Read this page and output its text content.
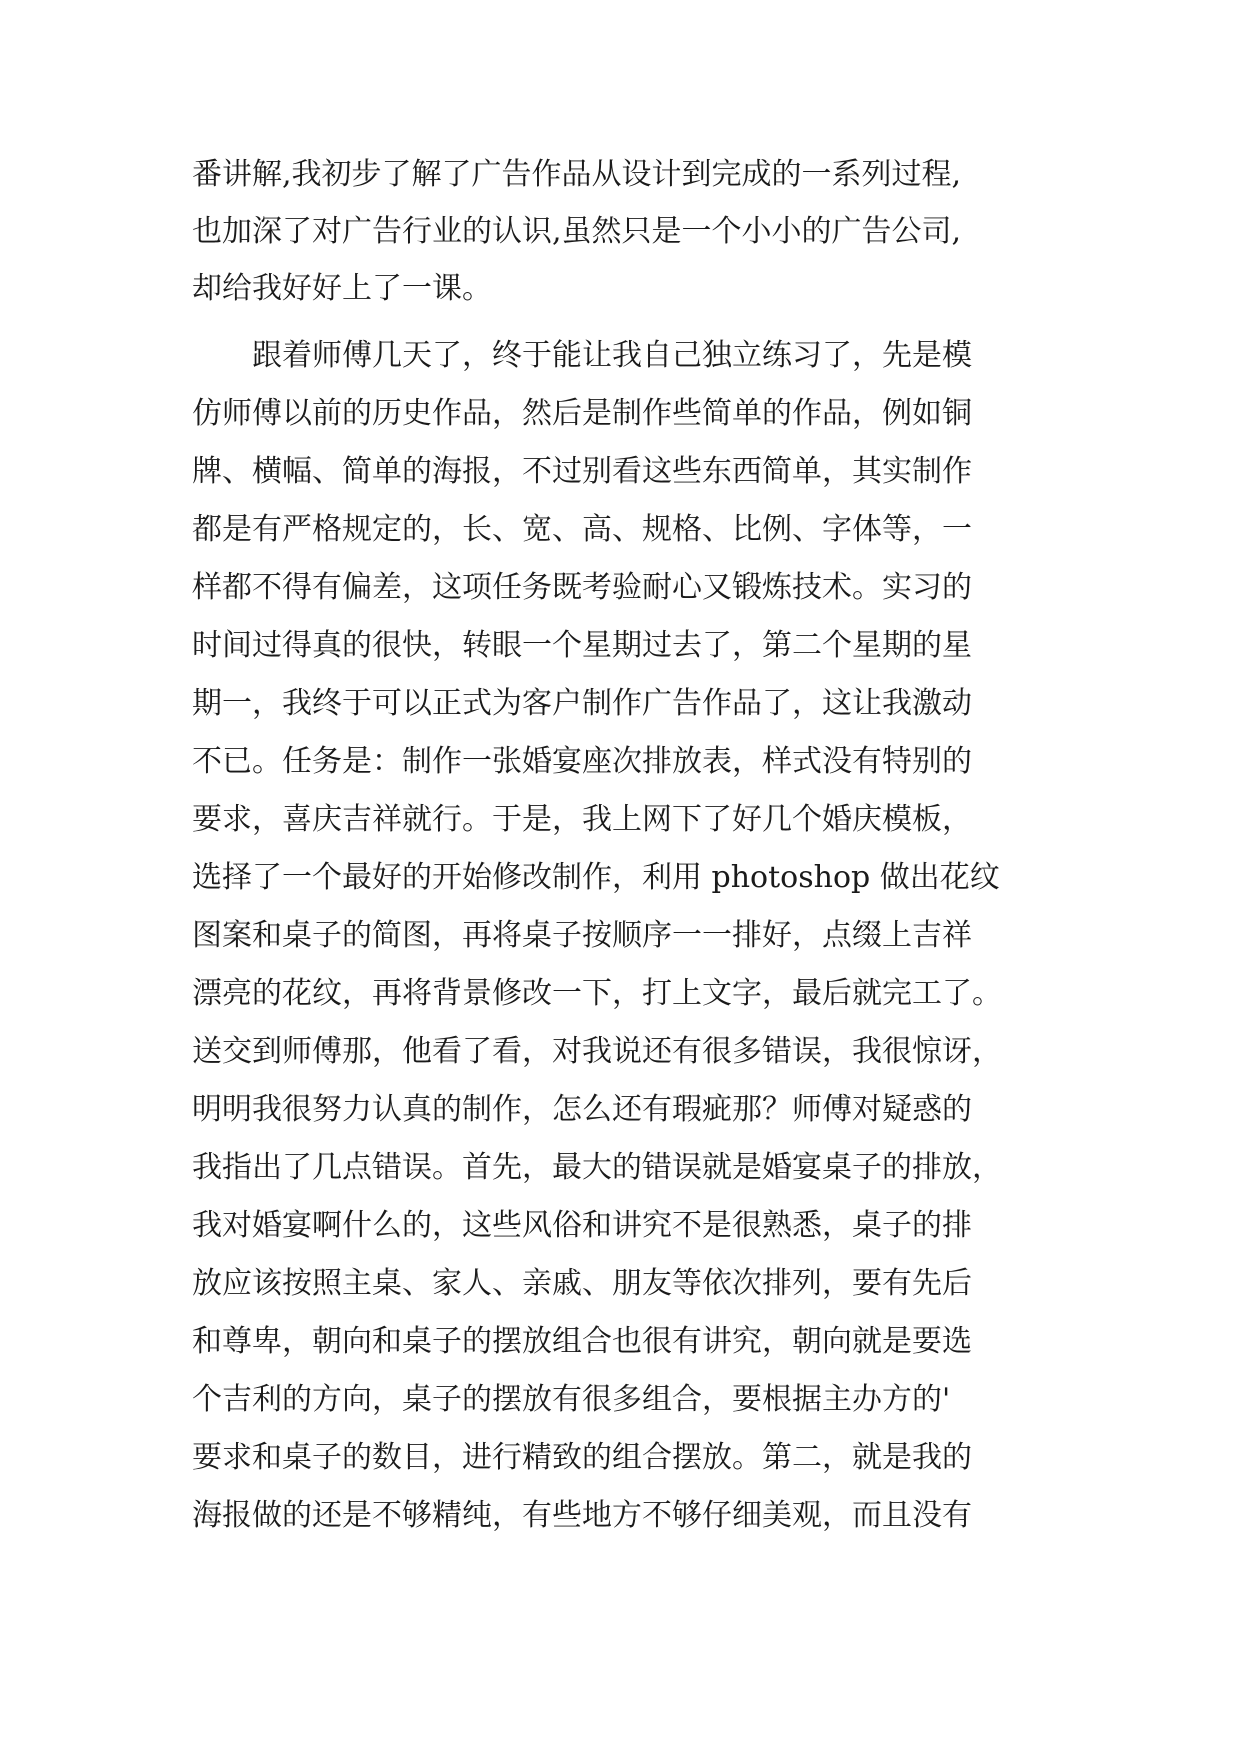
番讲解,我初步了解了广告作品从设计到完成的一系列过程,
也加深了对广告行业的认识,虽然只是一个小小的广告公司,
却给我好好上了一课。
跟着师傅几天了，终于能让我自己独立练习了，先是模
仿师傅以前的历史作品，然后是制作些简单的作品，例如铜
牌、横幅、简单的海报，不过别看这些东西简单，其实制作
都是有严格规定的，长、宽、高、规格、比例、字体等，一
样都不得有偏差，这项任务既考验耐心又锻炼技术。实习的
时间过得真的很快，转眼一个星期过去了，第二个星期的星
期一，我终于可以正式为客户制作广告作品了，这让我激动
不已。任务是：制作一张婚宴座次排放表，样式没有特别的
要求，喜庆吉祥就行。于是，我上网下了好几个婚庆模板，
选择了一个最好的开始修改制作，利用 photoshop 做出花纹
图案和桌子的简图，再将桌子按顺序一一排好，点缀上吉祥
漂亮的花纹，再将背景修改一下，打上文字，最后就完工了。
送交到师傅那，他看了看，对我说还有很多错误，我很惊讶，
明明我很努力认真的制作，怎么还有瑕疵那？师傅对疑惑的
我指出了几点错误。首先，最大的错误就是婚宴桌子的排放，
我对婚宴啊什么的，这些风俗和讲究不是很熟悉，桌子的排
放应该按照主桌、家人、亲戚、朋友等依次排列，要有先后
和尊卑，朝向和桌子的摆放组合也很有讲究，朝向就是要选
个吉利的方向，桌子的摆放有很多组合，要根据主办方的'
要求和桌子的数目，进行精致的组合摆放。第二，就是我的
海报做的还是不够精纯，有些地方不够仔细美观，而且没有
